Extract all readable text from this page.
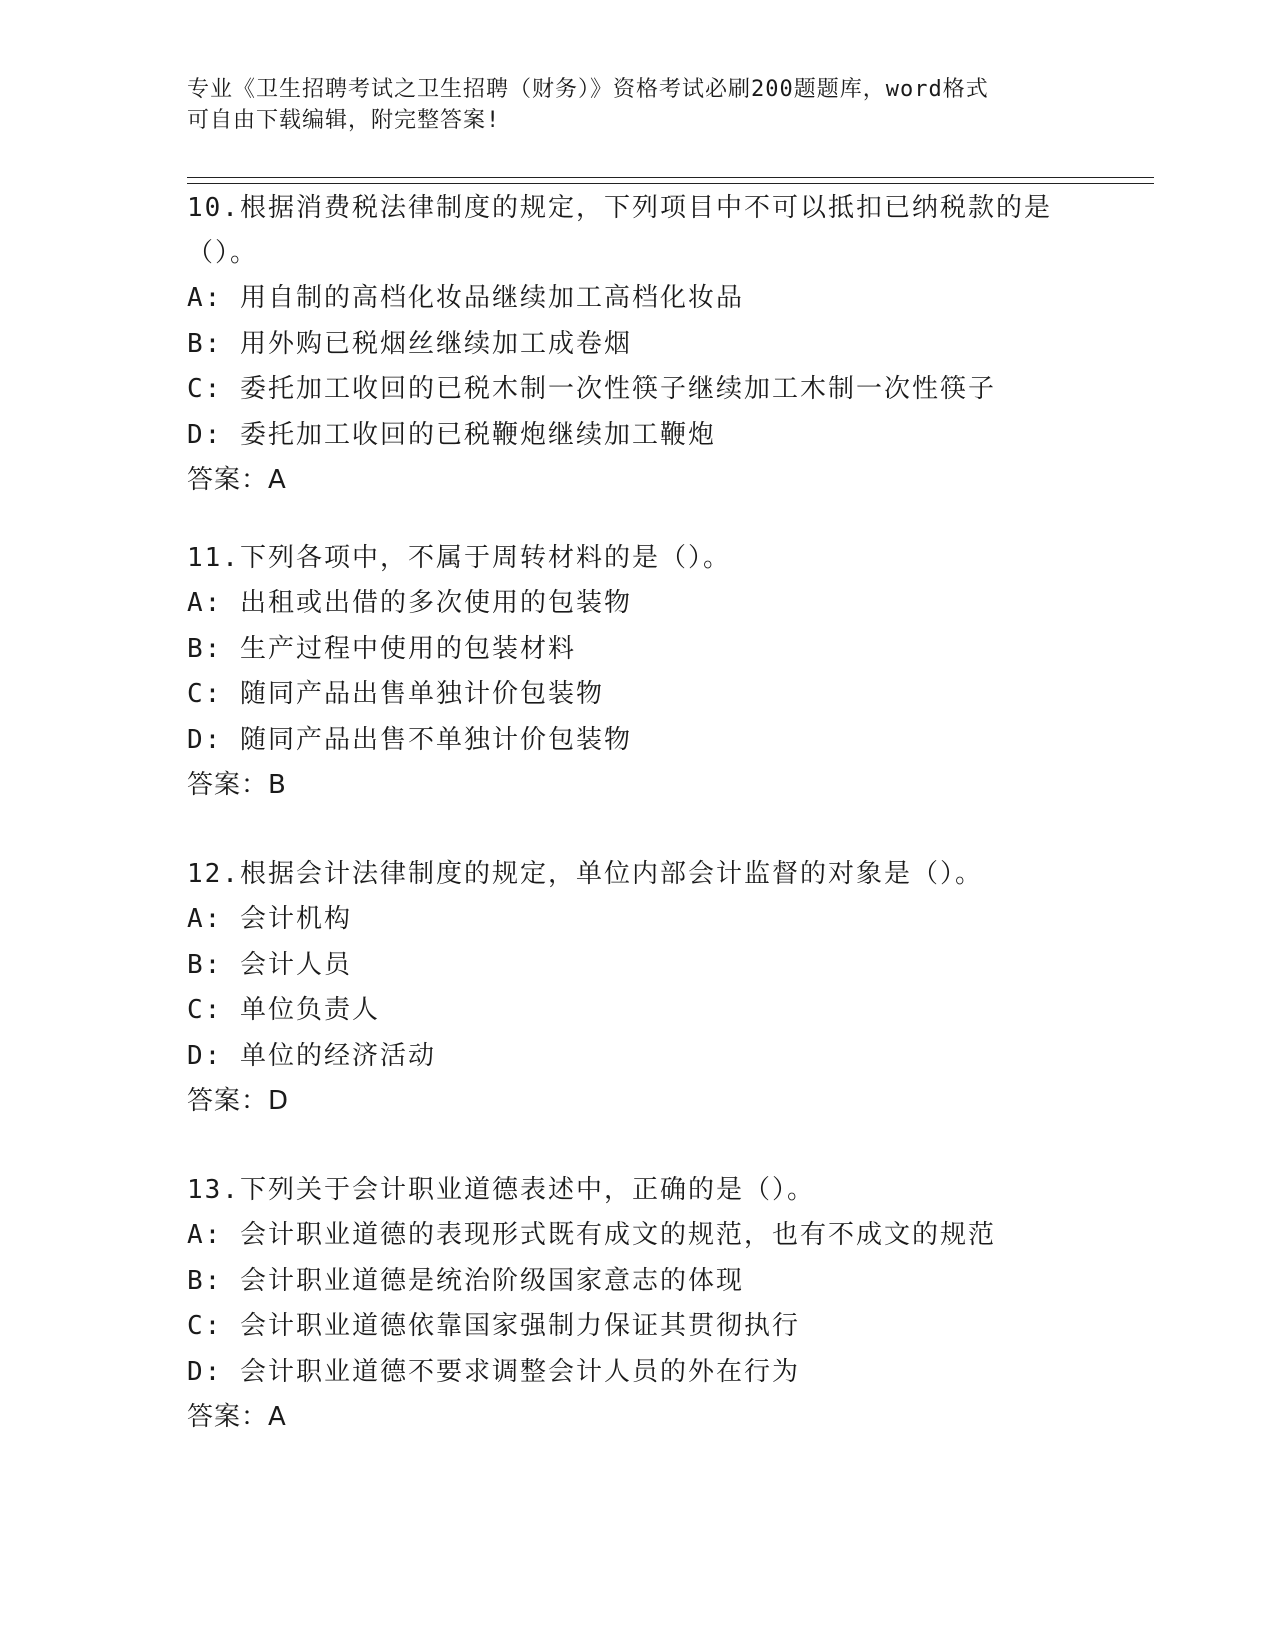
专业《卫生招聘考试之卫生招聘（财务）》资格考试必刷200题题库，word格式
可自由下载编辑，附完整答案!

10.根据消费税法律制度的规定，下列项目中不可以抵扣已纳税款的是

（）。

A: 用自制的高档化妆品继续加工高档化妆品

B: 用外购已税烟丝继续加工成卷烟

C: 委托加工收回的已税木制一次性筷子继续加工木制一次性筷子

D: 委托加工收回的已税鞭炮继续加工鞭炮

答案：A

11.下列各项中，不属于周转材料的是（）。

A: 出租或出借的多次使用的包装物

B: 生产过程中使用的包装材料

C: 随同产品出售单独计价包装物

D: 随同产品出售不单独计价包装物

答案：B

12.根据会计法律制度的规定，单位内部会计监督的对象是（）。

A: 会计机构

B: 会计人员

C: 单位负责人

D: 单位的经济活动

答案：D

13.下列关于会计职业道德表述中，正确的是（）。

A: 会计职业道德的表现形式既有成文的规范，也有不成文的规范

B: 会计职业道德是统治阶级国家意志的体现

C: 会计职业道德依靠国家强制力保证其贯彻执行

D: 会计职业道德不要求调整会计人员的外在行为

答案：A
